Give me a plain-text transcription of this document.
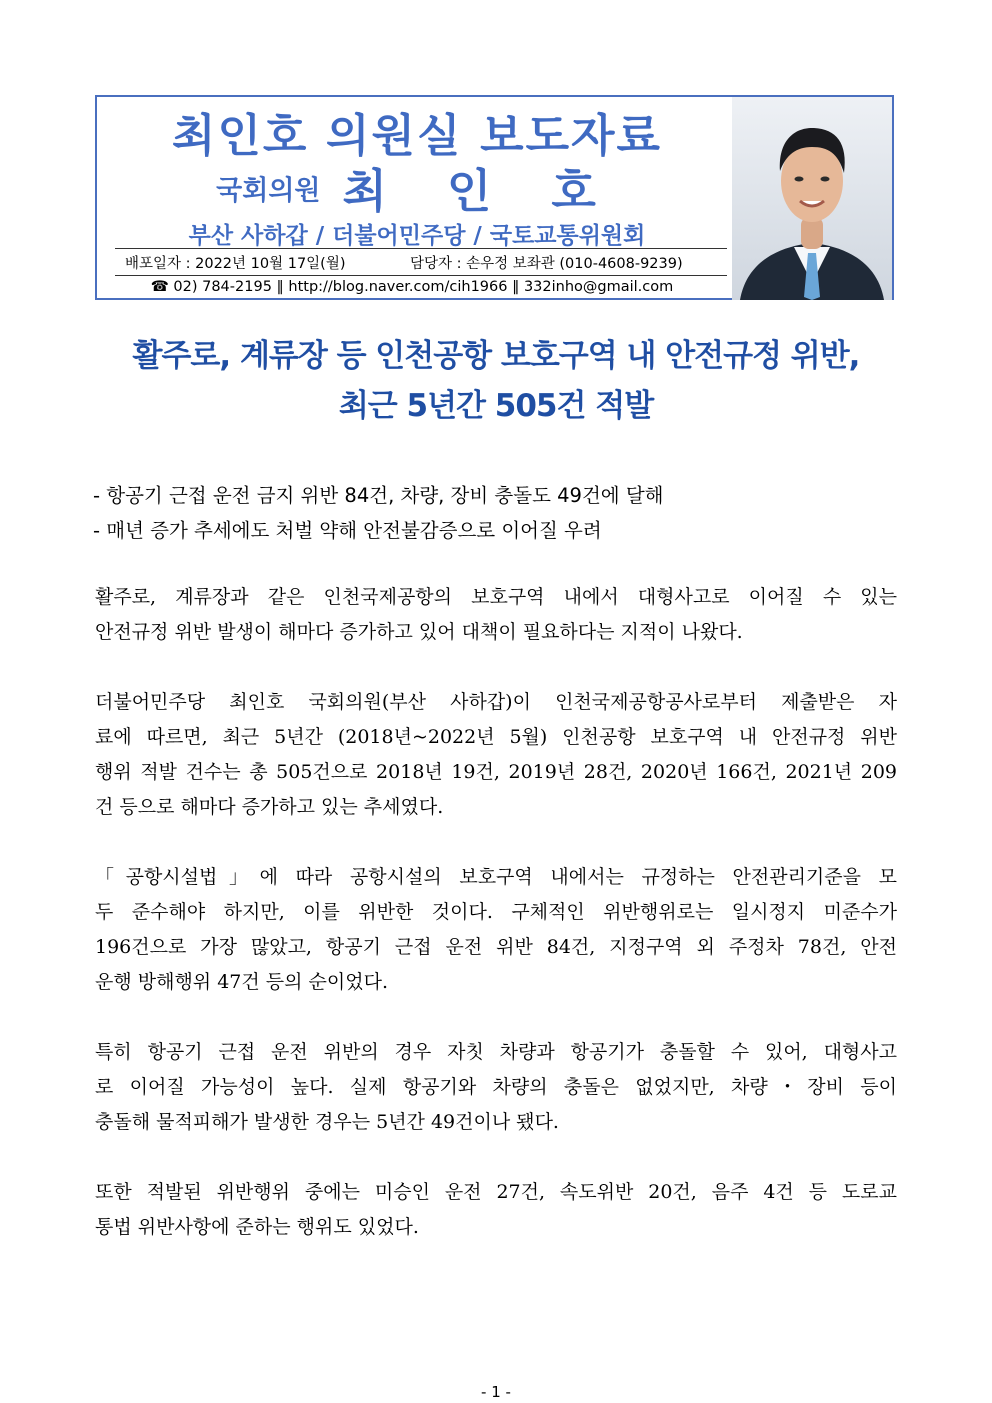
최인호 의원실 보도자료
국회의원 최 인 호
부산 사하갑 / 더불어민주당 / 국토교통위원회
배포일자 : 2022년 10월 17일(월)	담당자 : 손우정 보좌관 (010-4608-9239)
☎ 02) 784-2195 ‖ http://blog.naver.com/cih1966 ‖ 332inho@gmail.com
활주로, 계류장 등 인천공항 보호구역 내 안전규정 위반,
최근 5년간 505건 적발
- 항공기 근접 운전 금지 위반 84건, 차량, 장비 충돌도 49건에 달해
- 매년 증가 추세에도 처벌 약해 안전불감증으로 이어질 우려
활주로, 계류장과 같은 인천국제공항의 보호구역 내에서 대형사고로 이어질 수 있는
안전규정 위반 발생이 해마다 증가하고 있어 대책이 필요하다는 지적이 나왔다.
더불어민주당 최인호 국회의원(부산 사하갑)이 인천국제공항공사로부터 제출받은 자
료에 따르면, 최근 5년간 (2018년~2022년 5월) 인천공항 보호구역 내 안전규정 위반
행위 적발 건수는 총 505건으로 2018년 19건, 2019년 28건, 2020년 166건, 2021년 209
건 등으로 해마다 증가하고 있는 추세였다.
「공항시설법」에 따라 공항시설의 보호구역 내에서는 규정하는 안전관리기준을 모
두 준수해야 하지만, 이를 위반한 것이다. 구체적인 위반행위로는 일시정지 미준수가
196건으로 가장 많았고, 항공기 근접 운전 위반 84건, 지정구역 외 주정차 78건, 안전
운행 방해행위 47건 등의 순이었다.
특히 항공기 근접 운전 위반의 경우 자칫 차량과 항공기가 충돌할 수 있어, 대형사고
로 이어질 가능성이 높다. 실제 항공기와 차량의 충돌은 없었지만, 차량・장비 등이
충돌해 물적피해가 발생한 경우는 5년간 49건이나 됐다.
또한 적발된 위반행위 중에는 미승인 운전 27건, 속도위반 20건, 음주 4건 등 도로교
통법 위반사항에 준하는 행위도 있었다.
- 1 -
